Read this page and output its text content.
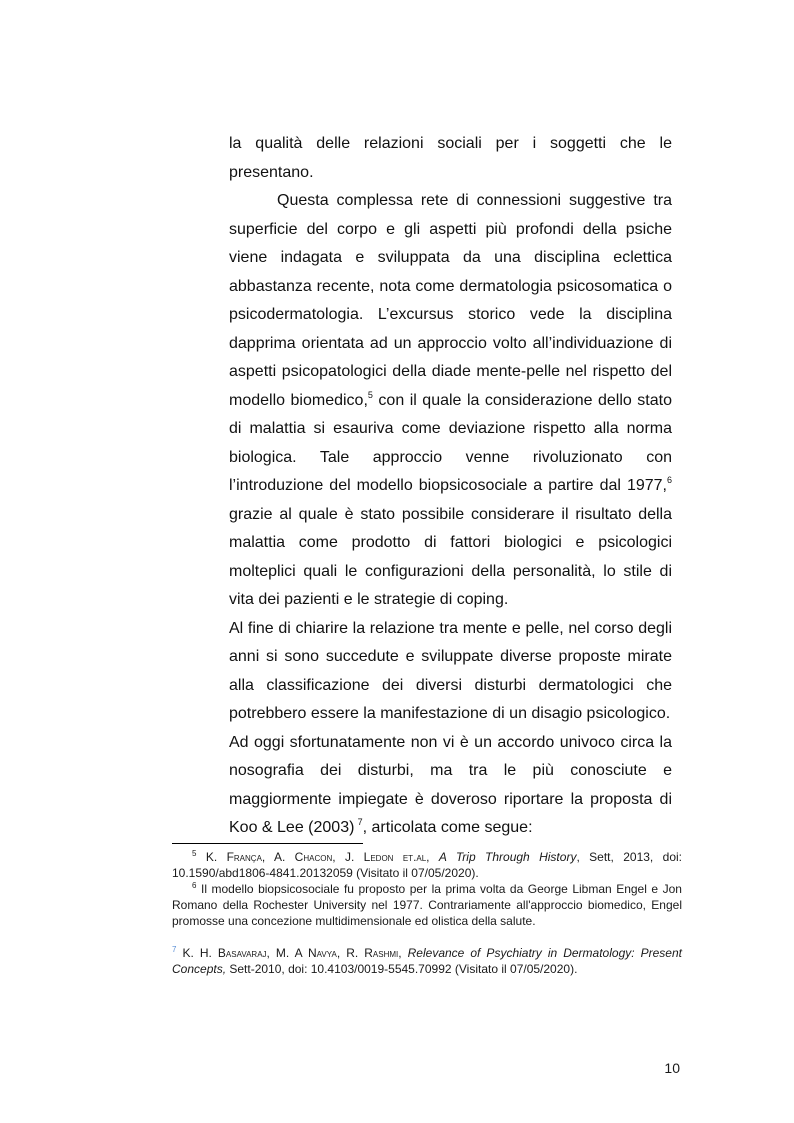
la qualità delle relazioni sociali per i soggetti che le presentano.

Questa complessa rete di connessioni suggestive tra superficie del corpo e gli aspetti più profondi della psiche viene indagata e sviluppata da una disciplina eclettica abbastanza recente, nota come dermatologia psicosomatica o psicodermatologia. L’excursus storico vede la disciplina dapprima orientata ad un approccio volto all’individuazione di aspetti psicopatologici della diade mente-pelle nel rispetto del modello biomedico,$^5$ con il quale la considerazione dello stato di malattia si esauriva come deviazione rispetto alla norma biologica. Tale approccio venne rivoluzionato con l’introduzione del modello biopsicosociale a partire dal 1977,$^6$ grazie al quale è stato possibile considerare il risultato della malattia come prodotto di fattori biologici e psicologici molteplici quali le configurazioni della personalità, lo stile di vita dei pazienti e le strategie di coping.

Al fine di chiarire la relazione tra mente e pelle, nel corso degli anni si sono succedute e sviluppate diverse proposte mirate alla classificazione dei diversi disturbi dermatologici che potrebbero essere la manifestazione di un disagio psicologico.

Ad oggi sfortunatamente non vi è un accordo univoco circa la nosografia dei disturbi, ma tra le più conosciute e maggiormente impiegate è doveroso riportare la proposta di Koo & Lee (2003)  $^7$, articolata come segue:

$^5$ K. França, A. Chacon, J. Ledon et.al, A Trip Through History, Sett, 2013, doi: 10.1590/abd1806-4841.20132059 (Visitato il 07/05/2020).

$^6$ Il modello biopsicosociale fu proposto per la prima volta da George Libman Engel e Jon Romano della Rochester University nel 1977. Contrariamente all'approccio biomedico, Engel promosse una concezione multidimensionale ed olistica della salute.

$^7$ K. H. Basavaraj, M. A Navya, R. Rashmi, Relevance of Psychiatry in Dermatology: Present Concepts, Sett-2010, doi: 10.4103/0019-5545.70992 (Visitato il 07/05/2020).

10
